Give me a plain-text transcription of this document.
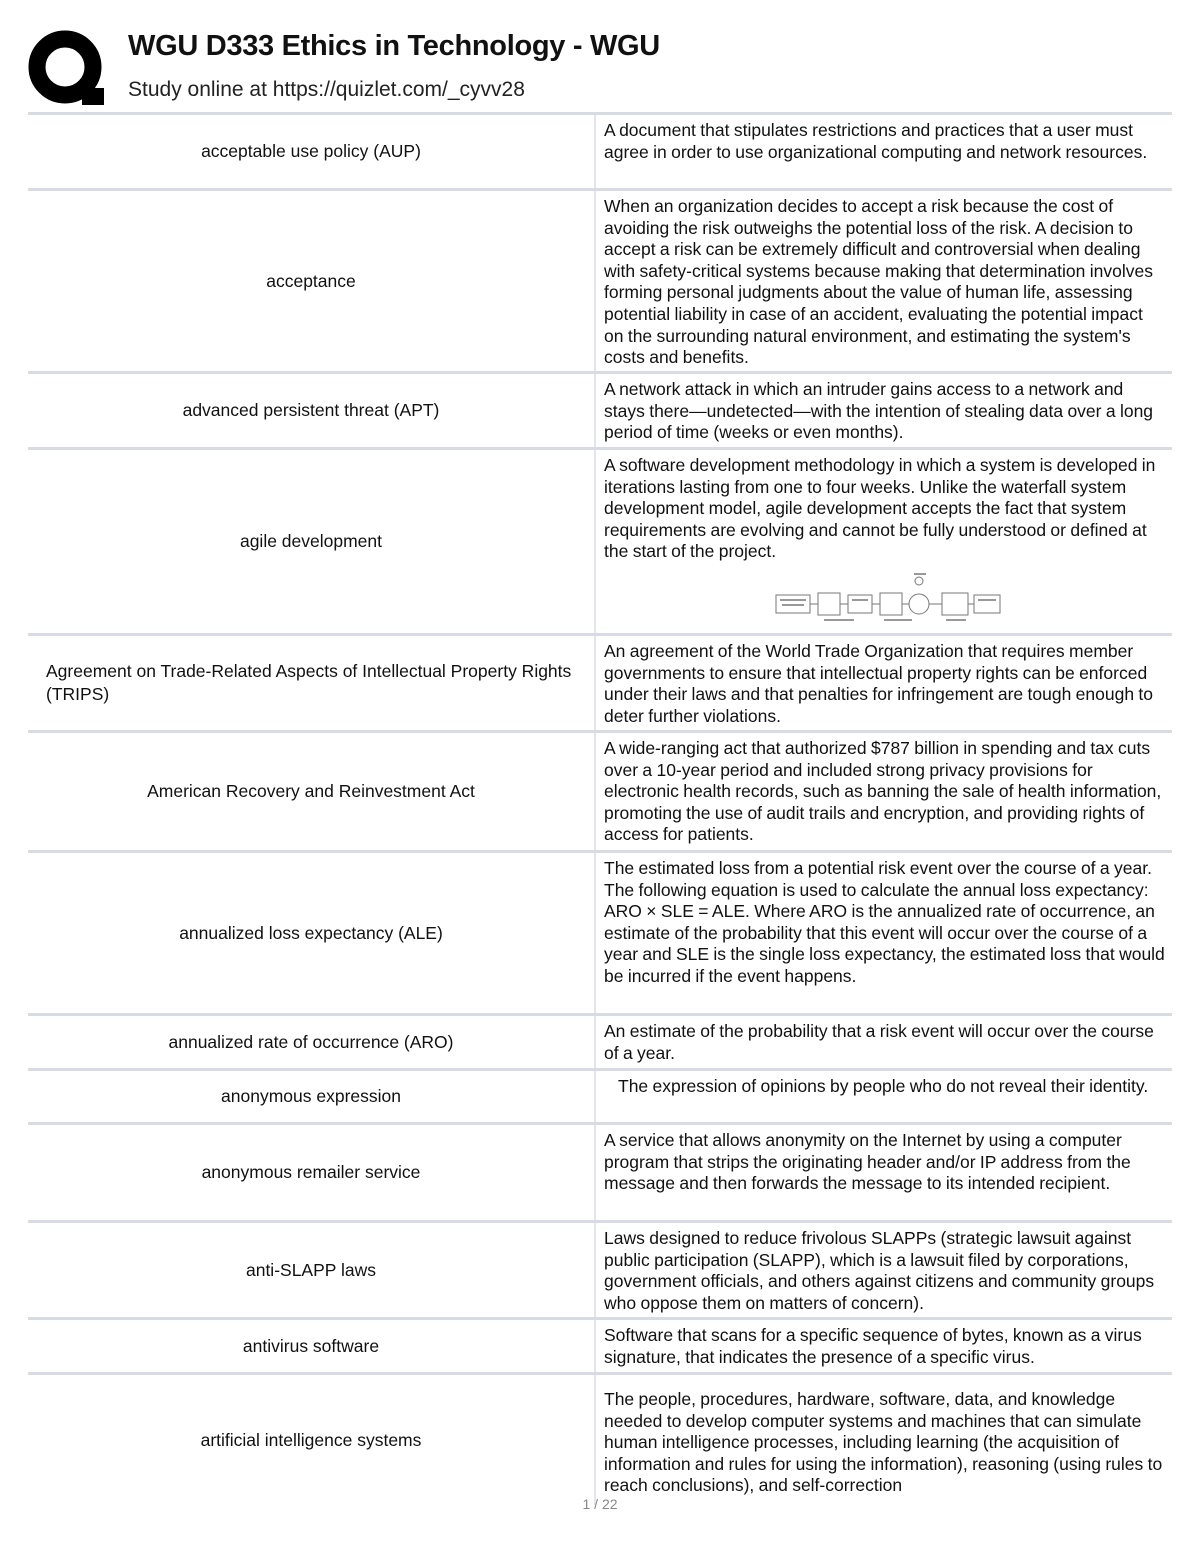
WGU D333 Ethics in Technology - WGU
Study online at https://quizlet.com/_cyvv28
acceptable use policy (AUP)
A document that stipulates restrictions and practices that a user must agree in order to use organizational computing and network resources.
acceptance
When an organization decides to accept a risk because the cost of avoiding the risk outweighs the potential loss of the risk. A decision to accept a risk can be extremely difficult and controversial when dealing with safety-critical systems because making that determination involves forming personal judgments about the value of human life, assessing potential liability in case of an accident, evaluating the potential impact on the surrounding natural environment, and estimating the system's costs and benefits.
advanced persistent threat (APT)
A network attack in which an intruder gains access to a network and stays there—undetected—with the intention of stealing data over a long period of time (weeks or even months).
agile development
A software development methodology in which a system is developed in iterations lasting from one to four weeks. Unlike the waterfall system development model, agile development accepts the fact that system requirements are evolving and cannot be fully understood or defined at the start of the project.
Agreement on Trade-Related Aspects of Intellectual Property Rights (TRIPS)
An agreement of the World Trade Organization that requires member governments to ensure that intellectual property rights can be enforced under their laws and that penalties for infringement are tough enough to deter further violations.
American Recovery and Reinvestment Act
A wide-ranging act that authorized $787 billion in spending and tax cuts over a 10-year period and included strong privacy provisions for electronic health records, such as banning the sale of health information, promoting the use of audit trails and encryption, and providing rights of access for patients.
annualized loss expectancy (ALE)
The estimated loss from a potential risk event over the course of a year. The following equation is used to calculate the annual loss expectancy: ARO × SLE = ALE. Where ARO is the annualized rate of occurrence, an estimate of the probability that this event will occur over the course of a year and SLE is the single loss expectancy, the estimated loss that would be incurred if the event happens.
annualized rate of occurrence (ARO)
An estimate of the probability that a risk event will occur over the course of a year.
anonymous expression	The expression of opinions by people who do not reveal their identity.
anonymous remailer service
A service that allows anonymity on the Internet by using a computer program that strips the originating header and/or IP address from the message and then forwards the message to its intended recipient.
anti-SLAPP laws
Laws designed to reduce frivolous SLAPPs (strategic lawsuit against public participation (SLAPP), which is a lawsuit filed by corporations, government officials, and others against citizens and community groups who oppose them on matters of concern).
antivirus software
Software that scans for a specific sequence of bytes, known as a virus signature, that indicates the presence of a specific virus.
artificial intelligence systems
The people, procedures, hardware, software, data, and knowledge needed to develop computer systems and machines that can simulate human intelligence processes, including learning (the acquisition of information and rules for using the information), reasoning (using rules to reach conclusions), and self-correction
1 / 22
